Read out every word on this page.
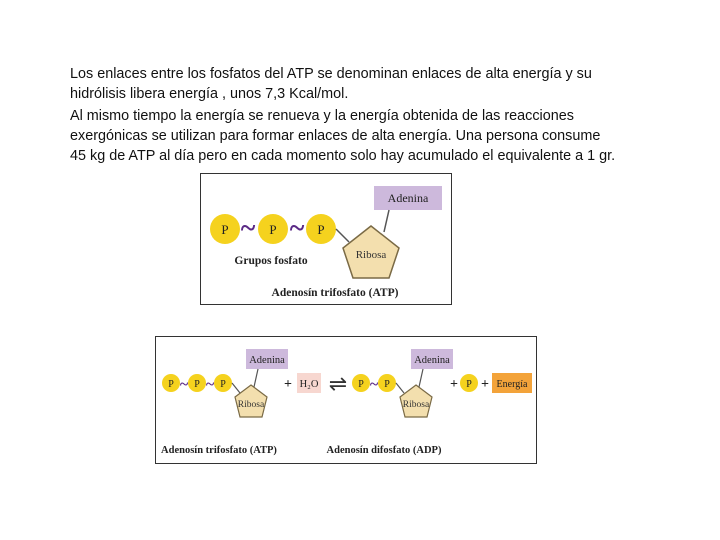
Los enlaces entre los fosfatos del ATP se denominan enlaces de alta energía y su
hidrólisis libera energía , unos 7,3 Kcal/mol.

Al mismo tiempo la energía se renueva y la energía obtenida de las reacciones
exergónicas se utilizan para formar enlaces de alta energía. Una persona consume
45 kg de ATP al día pero en cada momento solo hay acumulado el equivalente a 1 gr.

P ~ P ~ P
Adenina
Ribosa
Grupos fosfato
Adenosín trifosfato (ATP)
P ~ P ~ P
Adenina
Ribosa
+ H₂O ⇌ P ~ P
Adenina
Ribosa
+ P + Energía
Adenosín trifosfato (ATP)	Adenosín difosfato (ADP)
